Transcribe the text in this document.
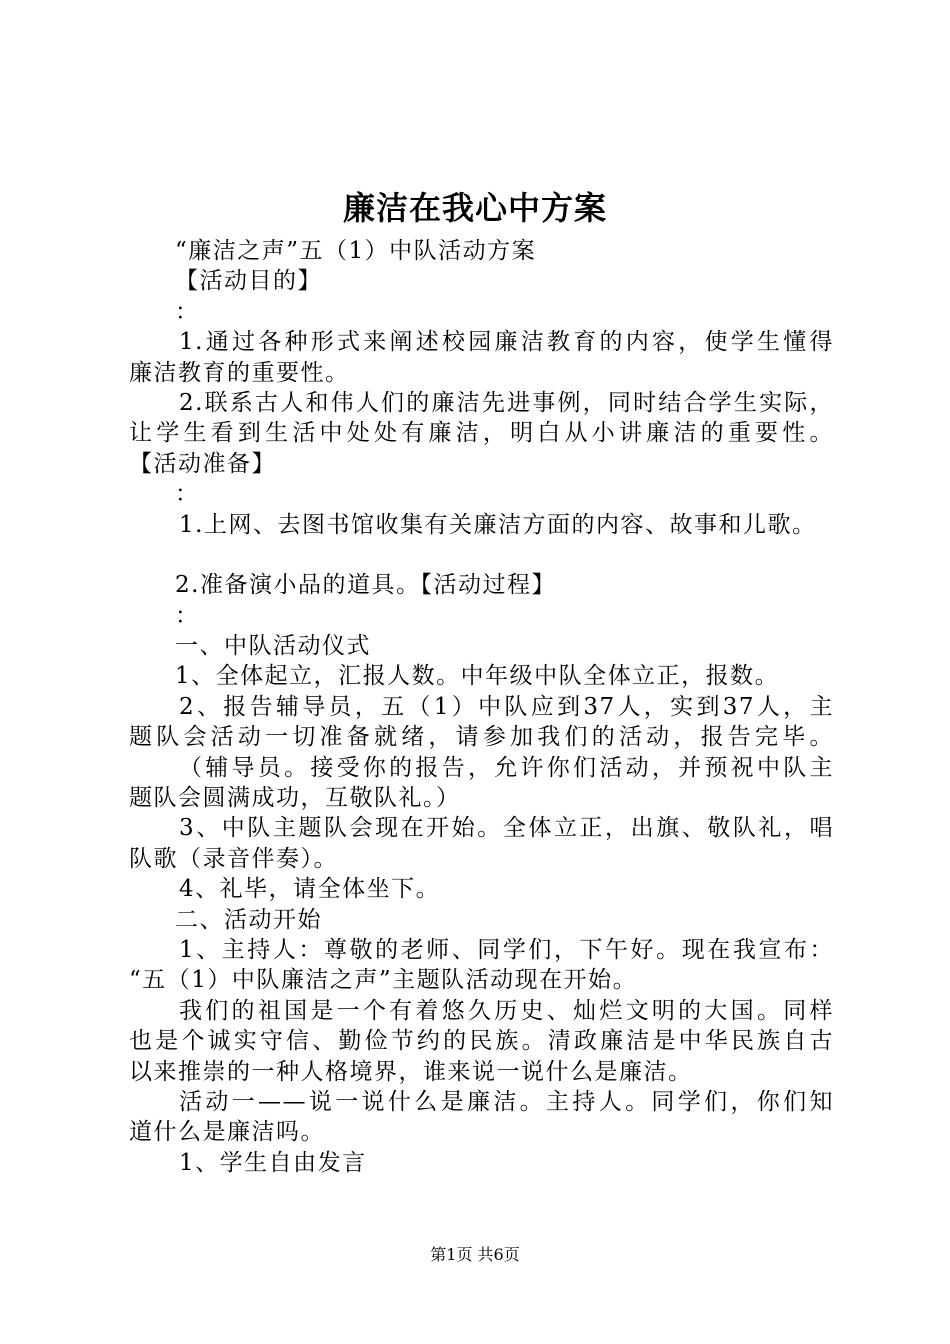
廉洁在我心中方案
“廉洁之声”五（1）中队活动方案
【活动目的】
：
1.通过各种形式来阐述校园廉洁教育的内容，使学生懂得
廉洁教育的重要性。
2.联系古人和伟人们的廉洁先进事例，同时结合学生实际，
让学生看到生活中处处有廉洁，明白从小讲廉洁的重要性。
【活动准备】
：
1.上网、去图书馆收集有关廉洁方面的内容、故事和儿歌。
2.准备演小品的道具。【活动过程】
：
一、中队活动仪式
1、全体起立，汇报人数。中年级中队全体立正，报数。
2、报告辅导员，五（1）中队应到37人，实到37人，主
题队会活动一切准备就绪，请参加我们的活动，报告完毕。
（辅导员。接受你的报告，允许你们活动，并预祝中队主
题队会圆满成功，互敬队礼。）
3、中队主题队会现在开始。全体立正，出旗、敬队礼，唱
队歌（录音伴奏）。
4、礼毕，请全体坐下。
二、活动开始
1、主持人：尊敬的老师、同学们，下午好。现在我宣布：
“五（1）中队廉洁之声”主题队活动现在开始。
我们的祖国是一个有着悠久历史、灿烂文明的大国。同样
也是个诚实守信、勤俭节约的民族。清政廉洁是中华民族自古
以来推崇的一种人格境界，谁来说一说什么是廉洁。
活动一——说一说什么是廉洁。主持人。同学们，你们知
道什么是廉洁吗。
1、学生自由发言
第1页 共6页
